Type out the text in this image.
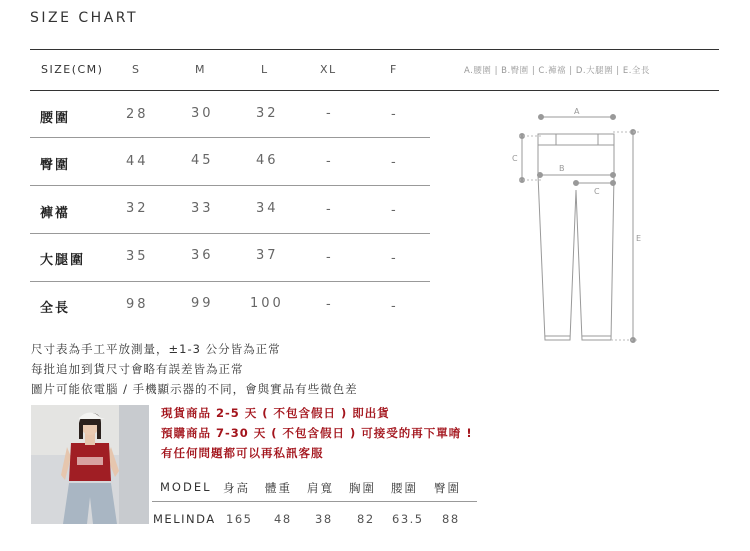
SIZE CHART
SIZE(CM)	S	M	L	XL	F	A.腰圍 | B.臀圍 | C.褲襠 | D.大腿圍 | E.全長
腰圍	28	30	32	-	-
臀圍	44	45	46	-	-
褲襠	32	33	34	-	-
大腿圍	35	36	37	-	-
全長	98	99	100	-	-
A
C
B
C
E
尺寸表為手工平放測量，±1-3 公分皆為正常
每批追加到貨尺寸會略有誤差皆為正常
圖片可能依電腦 / 手機顯示器的不同，會與實品有些微色差
現貨商品 2-5 天 ( 不包含假日 ) 即出貨
預購商品 7-30 天 ( 不包含假日 ) 可接受的再下單唷 !
有任何問題都可以再私訊客服
MODEL 身高 體重 肩寬 胸圍 腰圍 臀圍
MELINDA 165 48 38 82 63.5 88
